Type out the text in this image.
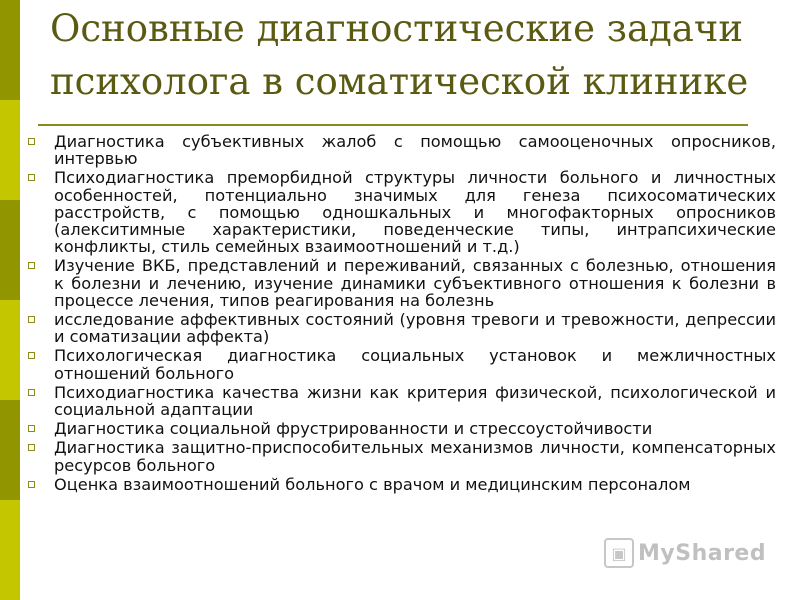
Основные диагностические задачи
психолога в соматической клинике
Диагностика субъективных жалоб с помощью самооценочных опросников, интервью
Психодиагностика преморбидной структуры личности больного и личностных особенностей, потенциально значимых для генеза психосоматических расстройств, с помощью одношкальных и многофакторных опросников (алекситимные характеристики, поведенческие типы, интрапсихические конфликты, стиль семейных взаимоотношений и т.д.)
Изучение ВКБ, представлений и переживаний, связанных с болезнью, отношения к болезни и лечению, изучение динамики субъективного отношения к болезни в процессе лечения, типов реагирования на болезнь
исследование аффективных состояний (уровня тревоги и тревожности, депрессии и соматизации аффекта)
Психологическая диагностика социальных установок и межличностных отношений больного
Психодиагностика качества жизни как критерия физической, психологической и социальной адаптации
Диагностика социальной фрустрированности и стрессоустойчивости
Диагностика защитно-приспособительных механизмов личности, компенсаторных ресурсов больного
Оценка взаимоотношений больного с врачом и медицинским персоналом
▣ MyShared
